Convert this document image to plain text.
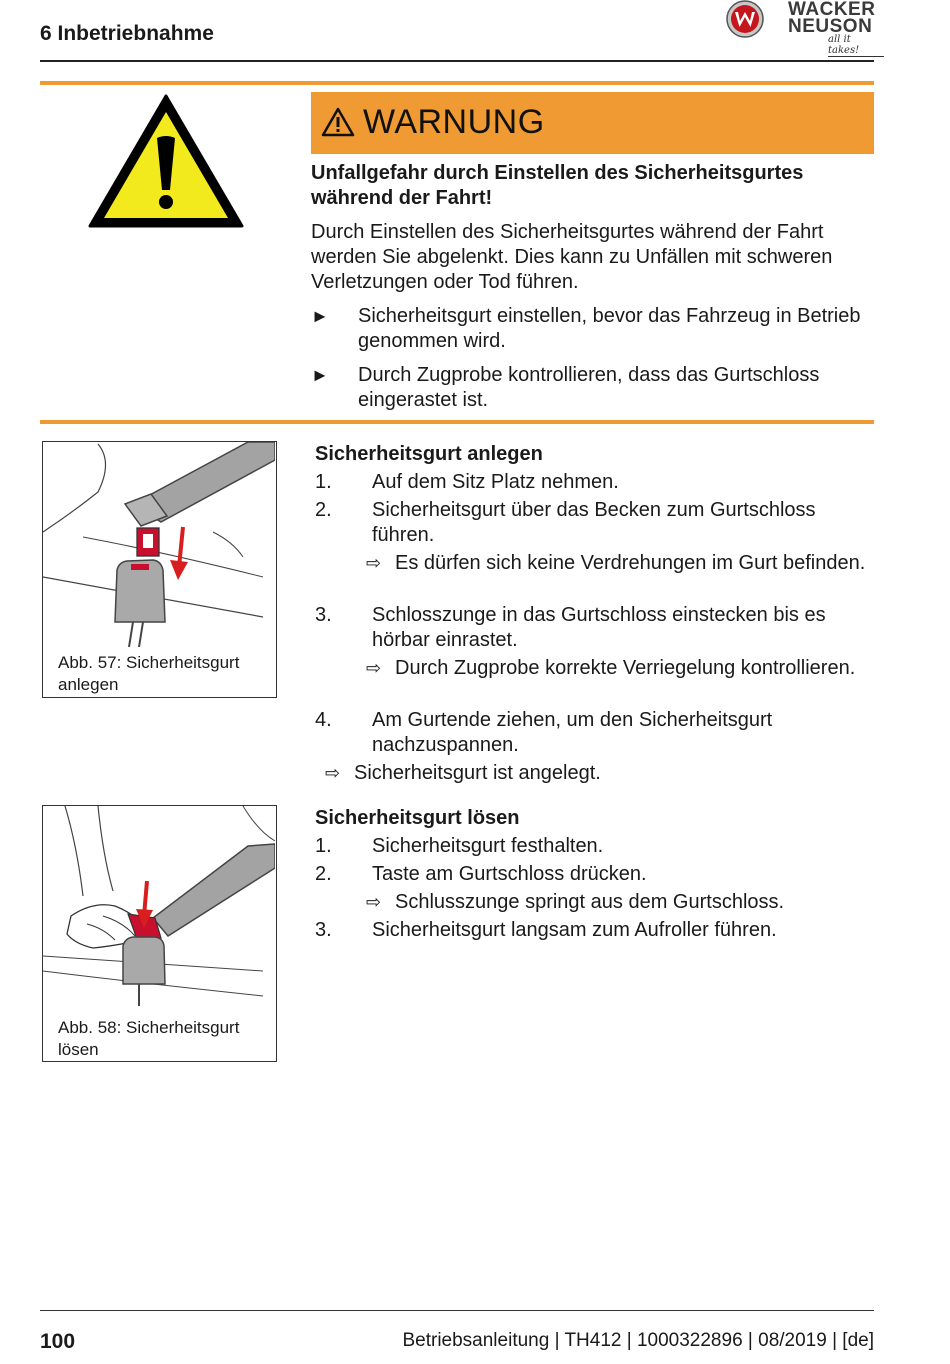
6 Inbetriebnahme
WACKER
NEUSON
all it takes!
WARNUNG
Unfallgefahr durch Einstellen des Sicherheitsgurtes während der Fahrt!
Durch Einstellen des Sicherheitsgurtes während der Fahrt werden Sie abgelenkt. Dies kann zu Unfällen mit schweren Verletzungen oder Tod führen.
► Sicherheitsgurt einstellen, bevor das Fahrzeug in Betrieb genommen wird.
► Durch Zugprobe kontrollieren, dass das Gurtschloss eingerastet ist.
Abb. 57: Sicherheitsgurt anlegen
Sicherheitsgurt anlegen
1. Auf dem Sitz Platz nehmen.
2. Sicherheitsgurt über das Becken zum Gurtschloss führen.
⇨ Es dürfen sich keine Verdrehungen im Gurt befinden.
3. Schlosszunge in das Gurtschloss einstecken bis es hörbar einrastet.
⇨ Durch Zugprobe korrekte Verriegelung kontrollieren.
4. Am Gurtende ziehen, um den Sicherheitsgurt nachzuspannen.
⇨ Sicherheitsgurt ist angelegt.
Abb. 58: Sicherheitsgurt lösen
Sicherheitsgurt lösen
1. Sicherheitsgurt festhalten.
2. Taste am Gurtschloss drücken.
⇨ Schlusszunge springt aus dem Gurtschloss.
3. Sicherheitsgurt langsam zum Aufroller führen.
100	Betriebsanleitung | TH412 | 1000322896 | 08/2019 | [de]
